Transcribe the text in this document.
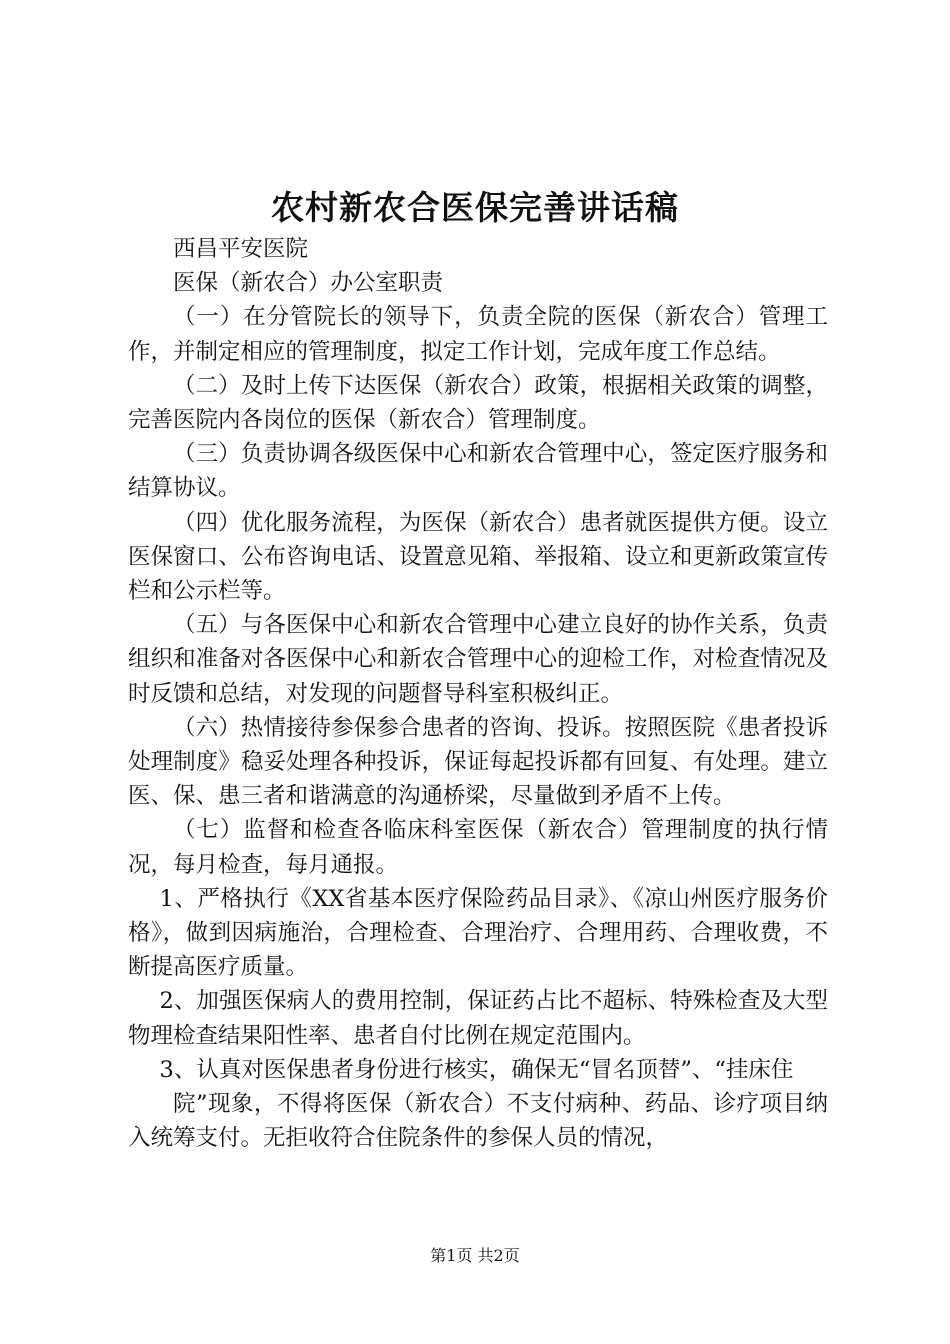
农村新农合医保完善讲话稿

西昌平安医院

医保（新农合）办公室职责

（一）在分管院长的领导下，负责全院的医保（新农合）管理工作，并制定相应的管理制度，拟定工作计划，完成年度工作总结。

（二）及时上传下达医保（新农合）政策，根据相关政策的调整，完善医院内各岗位的医保（新农合）管理制度。

（三）负责协调各级医保中心和新农合管理中心，签定医疗服务和结算协议。

（四）优化服务流程，为医保（新农合）患者就医提供方便。设立医保窗口、公布咨询电话、设置意见箱、举报箱、设立和更新政策宣传栏和公示栏等。

（五）与各医保中心和新农合管理中心建立良好的协作关系，负责组织和准备对各医保中心和新农合管理中心的迎检工作，对检查情况及时反馈和总结，对发现的问题督导科室积极纠正。

（六）热情接待参保参合患者的咨询、投诉。按照医院《患者投诉处理制度》稳妥处理各种投诉，保证每起投诉都有回复、有处理。建立医、保、患三者和谐满意的沟通桥梁，尽量做到矛盾不上传。

（七）监督和检查各临床科室医保（新农合）管理制度的执行情况，每月检查，每月通报。

1、严格执行《XX省基本医疗保险药品目录》、《凉山州医疗服务价格》，做到因病施治，合理检查、合理治疗、合理用药、合理收费，不断提高医疗质量。

2、加强医保病人的费用控制，保证药占比不超标、特殊检查及大型物理检查结果阳性率、患者自付比例在规定范围内。

3、认真对医保患者身份进行核实，确保无“冒名顶替”、“挂床住

院”现象，不得将医保（新农合）不支付病种、药品、诊疗项目纳入统筹支付。无拒收符合住院条件的参保人员的情况，

第1页 共2页
